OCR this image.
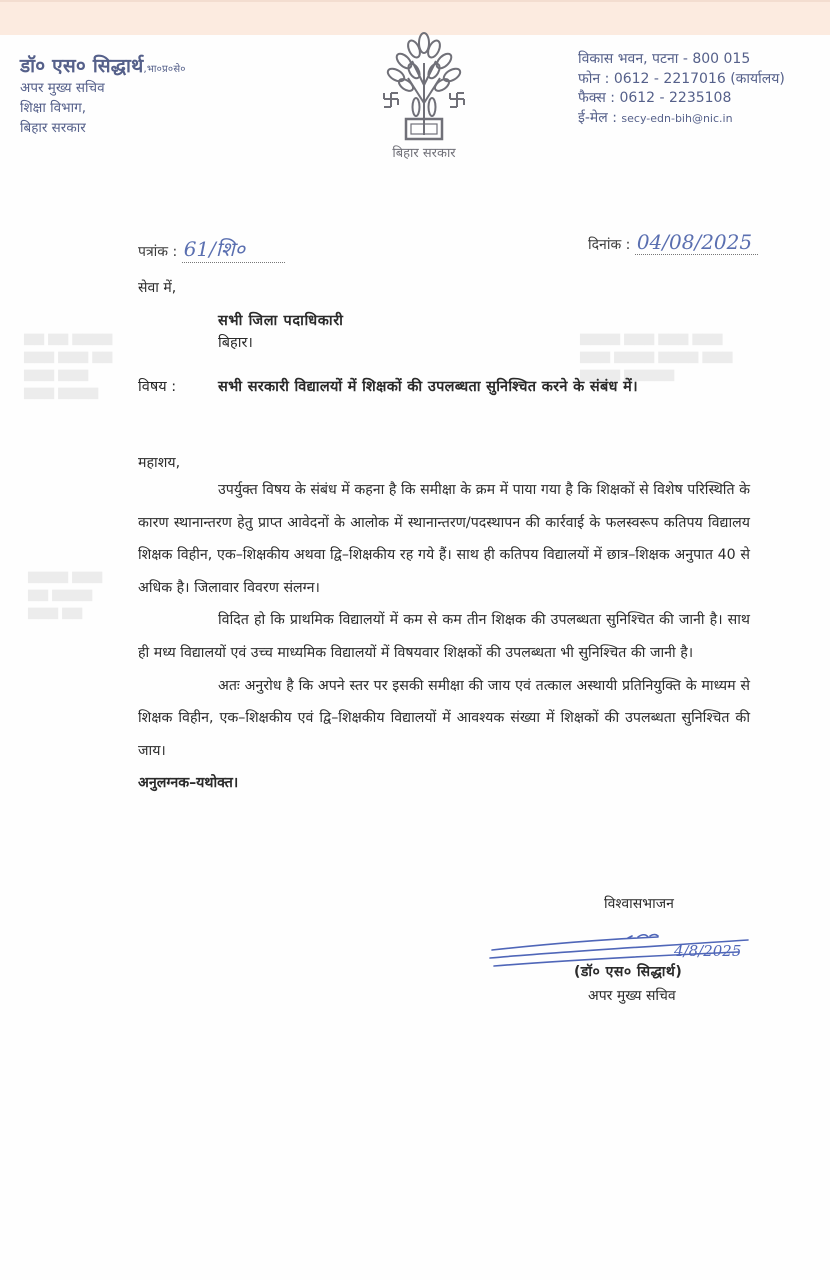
▆▆ ▆▆ ▆▆▆▆
▆▆▆ ▆▆▆ ▆▆
▆▆▆ ▆▆▆
▆▆▆ ▆▆▆▆
▆▆▆▆ ▆▆▆ ▆▆▆ ▆▆▆
▆▆▆ ▆▆▆▆ ▆▆▆▆ ▆▆▆
▆▆▆▆ ▆▆▆▆▆
▆▆▆▆ ▆▆▆
▆▆ ▆▆▆▆
▆▆▆ ▆▆
डॉ० एस० सिद्धार्थ,भा०प्र०से०
अपर मुख्य सचिव
शिक्षा विभाग,
बिहार सरकार
बिहार सरकार
विकास भवन, पटना - 800 015
फोन : 0612 - 2217016 (कार्यालय)
फैक्स : 0612 - 2235108
ई-मेल : secy-edn-bih@nic.in
पत्रांक : 61/शि०	दिनांक : 04/08/2025
सेवा में,
सभी जिला पदाधिकारी
बिहार।
विषय :	सभी सरकारी विद्यालयों में शिक्षकों की उपलब्धता सुनिश्चित करने के संबंध में।

महाशय,

उपर्युक्त विषय के संबंध में कहना है कि समीक्षा के क्रम में पाया गया है कि शिक्षकों से विशेष परिस्थिति के कारण स्थानान्तरण हेतु प्राप्त आवेदनों के आलोक में स्थानान्तरण/पदस्थापन की कार्रवाई के फलस्वरूप कतिपय विद्यालय शिक्षक विहीन, एक–शिक्षकीय अथवा द्वि–शिक्षकीय रह गये हैं। साथ ही कतिपय विद्यालयों में छात्र–शिक्षक अनुपात 40 से अधिक है। जिलावार विवरण संलग्न।

विदित हो कि प्राथमिक विद्यालयों में कम से कम तीन शिक्षक की उपलब्धता सुनिश्चित की जानी है। साथ ही मध्य विद्यालयों एवं उच्च माध्यमिक विद्यालयों में विषयवार शिक्षकों की उपलब्धता भी सुनिश्चित की जानी है।

अतः अनुरोध है कि अपने स्तर पर इसकी समीक्षा की जाय एवं तत्काल अस्थायी प्रतिनियुक्ति के माध्यम से शिक्षक विहीन, एक–शिक्षकीय एवं द्वि–शिक्षकीय विद्यालयों में आवश्यक संख्या में शिक्षकों की उपलब्धता सुनिश्चित की जाय।

अनुलग्नक–यथोक्त।

विश्वासभाजन
4/8/2025
(डॉ० एस० सिद्धार्थ)
अपर मुख्य सचिव
